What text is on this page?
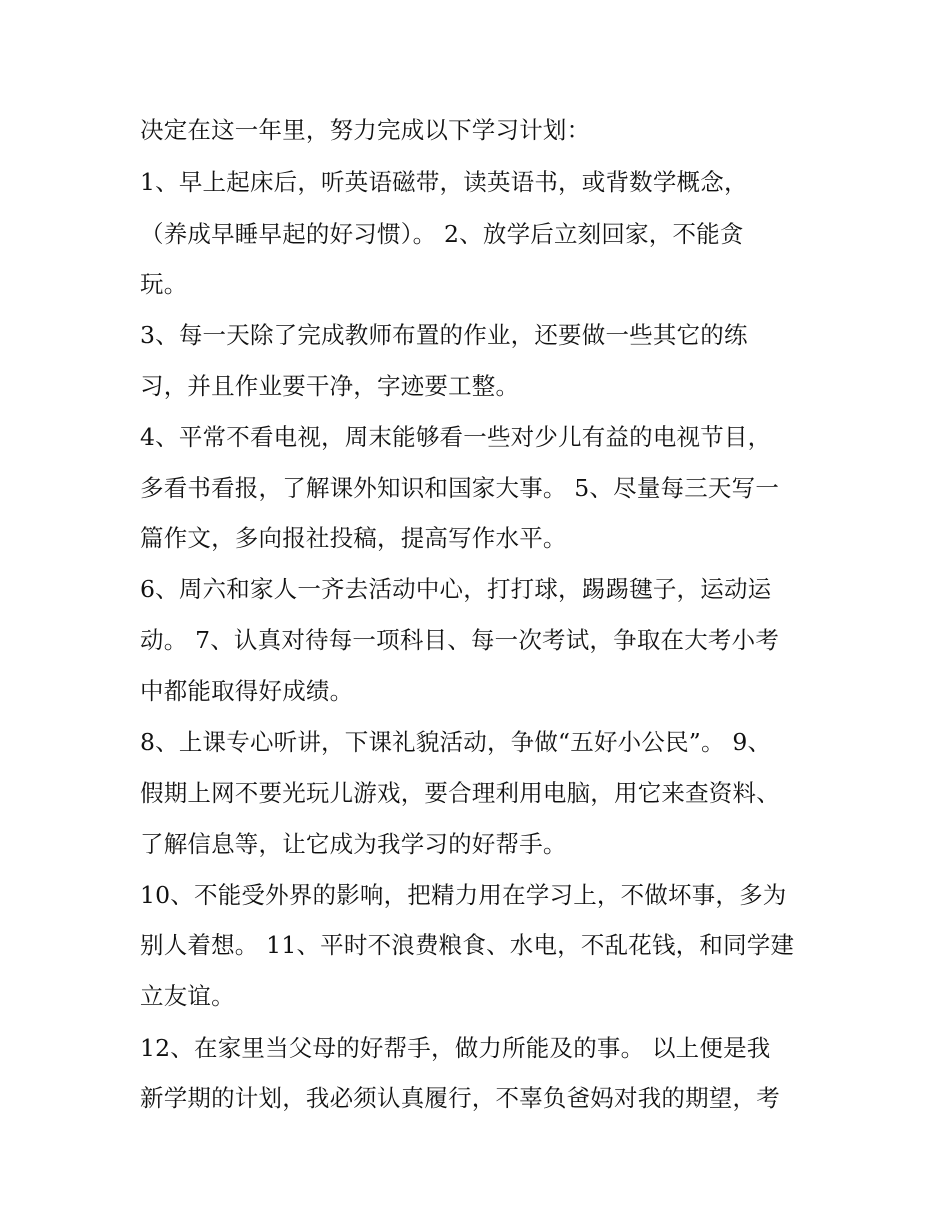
决定在这一年里，努力完成以下学习计划：

1、早上起床后，听英语磁带，读英语书，或背数学概念，

（养成早睡早起的好习惯）。 2、放学后立刻回家，不能贪

玩。

3、每一天除了完成教师布置的作业，还要做一些其它的练

习，并且作业要干净，字迹要工整。

4、平常不看电视，周末能够看一些对少儿有益的电视节目，

多看书看报，了解课外知识和国家大事。 5、尽量每三天写一

篇作文，多向报社投稿，提高写作水平。

6、周六和家人一齐去活动中心，打打球，踢踢毽子，运动运

动。 7、认真对待每一项科目、每一次考试，争取在大考小考

中都能取得好成绩。

8、上课专心听讲，下课礼貌活动，争做“五好小公民”。 9、

假期上网不要光玩儿游戏，要合理利用电脑，用它来查资料、

了解信息等，让它成为我学习的好帮手。

10、不能受外界的影响，把精力用在学习上，不做坏事，多为

别人着想。 11、平时不浪费粮食、水电，不乱花钱，和同学建

立友谊。

12、在家里当父母的好帮手，做力所能及的事。 以上便是我

新学期的计划，我必须认真履行，不辜负爸妈对我的期望，考
